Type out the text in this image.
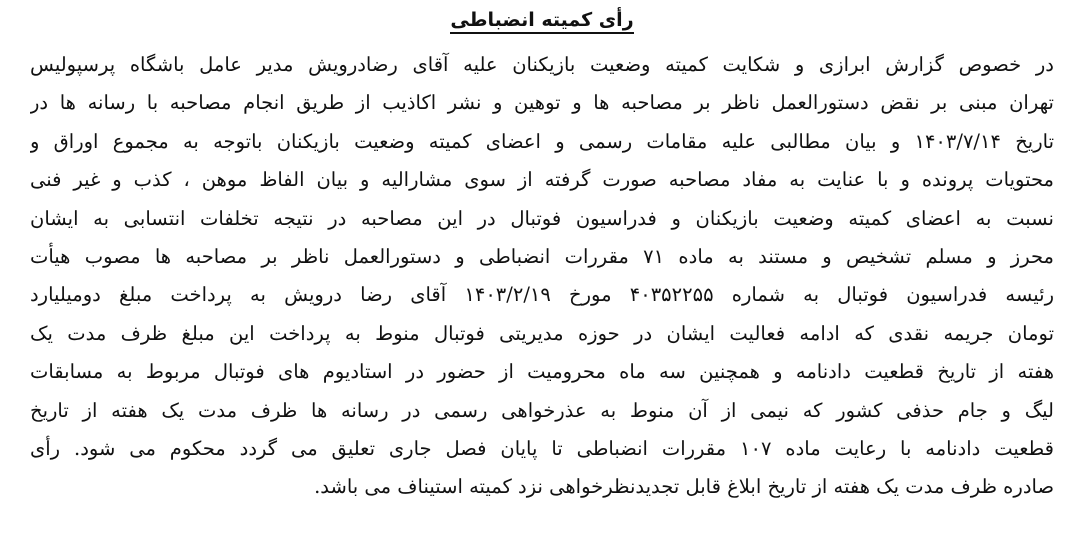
رأی کمیته انضباطی
در خصوص گزارش ابرازی و شکایت کمیته وضعیت بازیکنان علیه آقای رضادرویش مدیر عامل باشگاه پرسپولیس
تهران مبنی بر نقض دستورالعمل ناظر بر مصاحبه ها و توهین و نشر اکاذیب از طریق انجام مصاحبه با رسانه ها در
تاریخ ۱۴۰۳/۷/۱۴ و بیان مطالبی علیه مقامات رسمی و اعضای کمیته وضعیت بازیکنان باتوجه به مجموع اوراق و
محتویات پرونده و با عنایت به مفاد مصاحبه صورت گرفته از سوی مشارالیه و بیان الفاظ موهن ، کذب و غیر فنی
نسبت به اعضای کمیته وضعیت بازیکنان و فدراسیون فوتبال در این مصاحبه در نتیجه تخلفات انتسابی به ایشان
محرز و مسلم تشخیص و مستند به ماده ۷۱ مقررات انضباطی و دستورالعمل ناظر بر مصاحبه ها مصوب هیأت
رئیسه فدراسیون فوتبال به شماره ۴۰۳۵۲۲۵۵ مورخ ۱۴۰۳/۲/۱۹ آقای رضا درویش به پرداخت مبلغ دومیلیارد
تومان جریمه نقدی که ادامه فعالیت ایشان در حوزه مدیریتی فوتبال منوط به پرداخت این مبلغ ظرف مدت یک
هفته از تاریخ قطعیت دادنامه و همچنین سه ماه محرومیت از حضور در استادیوم های فوتبال مربوط به مسابقات
لیگ و جام حذفی کشور که نیمی از آن منوط به عذرخواهی رسمی در رسانه ها ظرف مدت یک هفته از تاریخ
قطعیت دادنامه با رعایت ماده ۱۰۷ مقررات انضباطی تا پایان فصل جاری تعلیق می گردد محکوم می شود. رأی
صادره ظرف مدت یک هفته از تاریخ ابلاغ قابل تجدیدنظرخواهی نزد کمیته استیناف می باشد.
